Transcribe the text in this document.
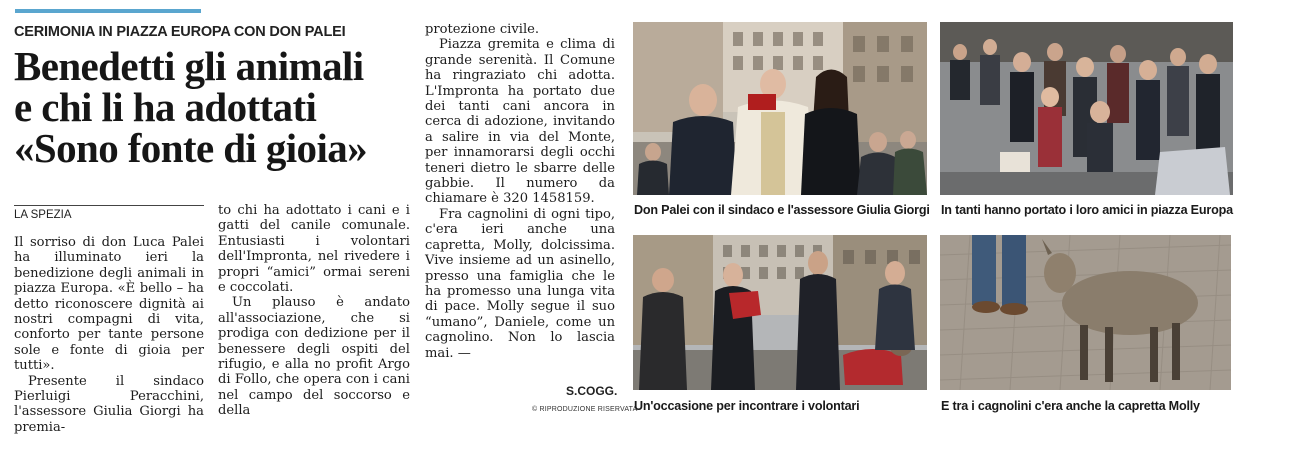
CERIMONIA IN PIAZZA EUROPA CON DON PALEI
Benedetti gli animali
e chi li ha adottati
«Sono fonte di gioia»
LA SPEZIA

Il sorriso di don Luca Palei ha illuminato ieri la benedizione degli animali in piazza Europa. «È bello – ha detto riconoscere dignità ai nostri compagni di vita, conforto per tante persone sole e fonte di gioia per tutti».

Presente il sindaco Pierluigi Peracchini, l'assessore Giulia Giorgi ha premia-

to chi ha adottato i cani e i gatti del canile comunale. Entusiasti i volontari dell'Impronta, nel rivedere i propri “amici” ormai sereni e coccolati.

Un plauso è andato all'associazione, che si prodiga con dedizione per il benessere degli ospiti del rifugio, e alla no profit Argo di Follo, che opera con i cani nel campo del soccorso e della

protezione civile.

Piazza gremita e clima di grande serenità. Il Comune ha ringraziato chi adotta. L'Impronta ha portato due dei tanti cani ancora in cerca di adozione, invitando a salire in via del Monte, per innamorarsi degli occhi teneri dietro le sbarre delle gabbie. Il numero da chiamare è 320 1458159.

Fra cagnolini di ogni tipo, c'era ieri anche una capretta, Molly, dolcissima. Vive insieme ad un asinello, presso una famiglia che le ha promesso una lunga vita di pace. Molly segue il suo “umano”, Daniele, come un cagnolino. Non lo lascia mai. —

S.COGG.
© RIPRODUZIONE RISERVATA
Don Palei con il sindaco e l'assessore Giulia Giorgi In tanti hanno portato i loro amici in piazza Europa
Un'occasione per incontrare i volontari	E tra i cagnolini c'era anche la capretta Molly
